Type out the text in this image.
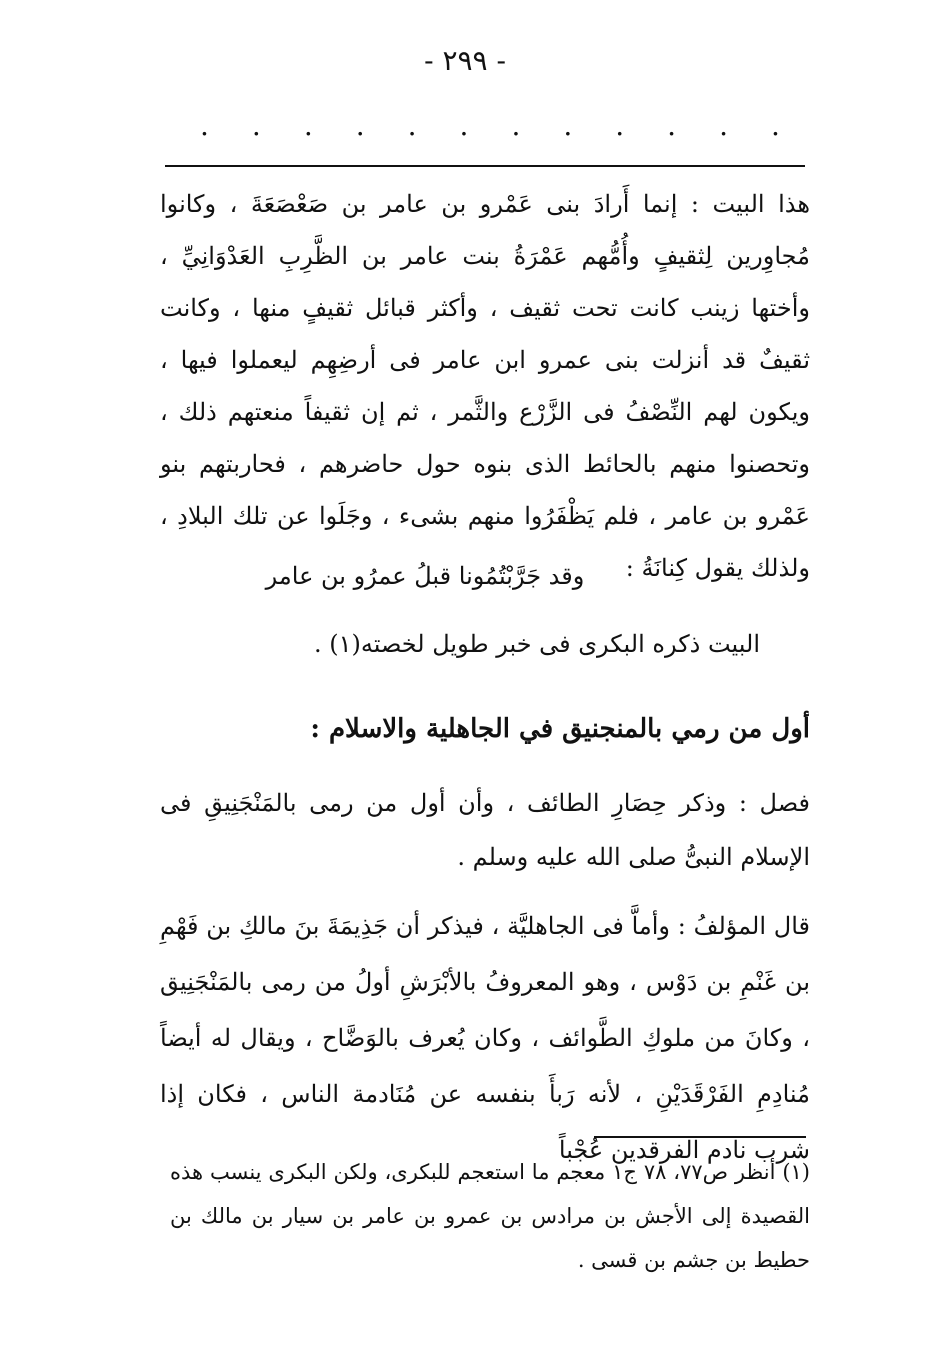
- ٢٩٩ -
. . . . . . . . . . . .

هذا البيت : إنما أَرادَ بنى عَمْرو بن عامر بن صَعْصَعَةَ ، وكانوا مُجاوِرين لِثقيفٍ وأُمُّهم عَمْرَةُ بنت عامر بن الظَّرِبِ العَدْوَانِيِّ ، وأختها زينب كانت تحت ثقيف ، وأكثر قبائل ثقيفٍ منها ، وكانت ثقيفٌ قد أنزلت بنى عمرو ابن عامر فى أرضِهِم ليعملوا فيها ، ويكون لهم النِّصْفُ فى الزَّرْع والثَّمر ، ثم إن ثقيفاً منعتهم ذلك ، وتحصنوا منهم بالحائط الذى بنوه حول حاضرهم ، فحاربتهم بنو عَمْرو بن عامر ، فلم يَظْفَرُوا منهم بشىء ، وجَلَوا عن تلك البلادِ ، ولذلك يقول كِنانَةُ :

وقد جَرَّبْتُمُونا قبلُ عمرُو بن عامر
البيت ذكره البكرى فى خبر طويل لخصته(١) .
أول من رمي بالمنجنيق في الجاهلية والاسلام :

فصل : وذكر حِصَارِ الطائف ، وأن أول من رمى بالمَنْجَنِيقِ فى الإسلام النبىُّ صلى الله عليه وسلم .

قال المؤلفُ : وأماَّ فى الجاهليَّة ، فيذكر أن جَذِيمَةَ بنَ مالكِ بن فَهْمِ بن غَنْمِ بن دَوْس ، وهو المعروفُ بالأبْرَشِ أولُ من رمى بالمَنْجَنِيق ، وكانَ من ملوكِ الطَّوائف ، وكان يُعرف بالوَضَّاح ، ويقال له أيضاً مُنادِمِ الفَرْقَدَيْنِ ، لأنه رَبأَ بنفسه عن مُنَادمة الناس ، فكان إذا شرب نادم الفرقدين عُجْباً

(١) أنظر ص٧٧، ٧٨ ج١ معجم ما استعجم للبكرى، ولكن البكرى ينسب هذه القصيدة إلى الأجش بن مرادس بن عمرو بن عامر بن سيار بن مالك بن حطيط بن جشم بن قسى .
